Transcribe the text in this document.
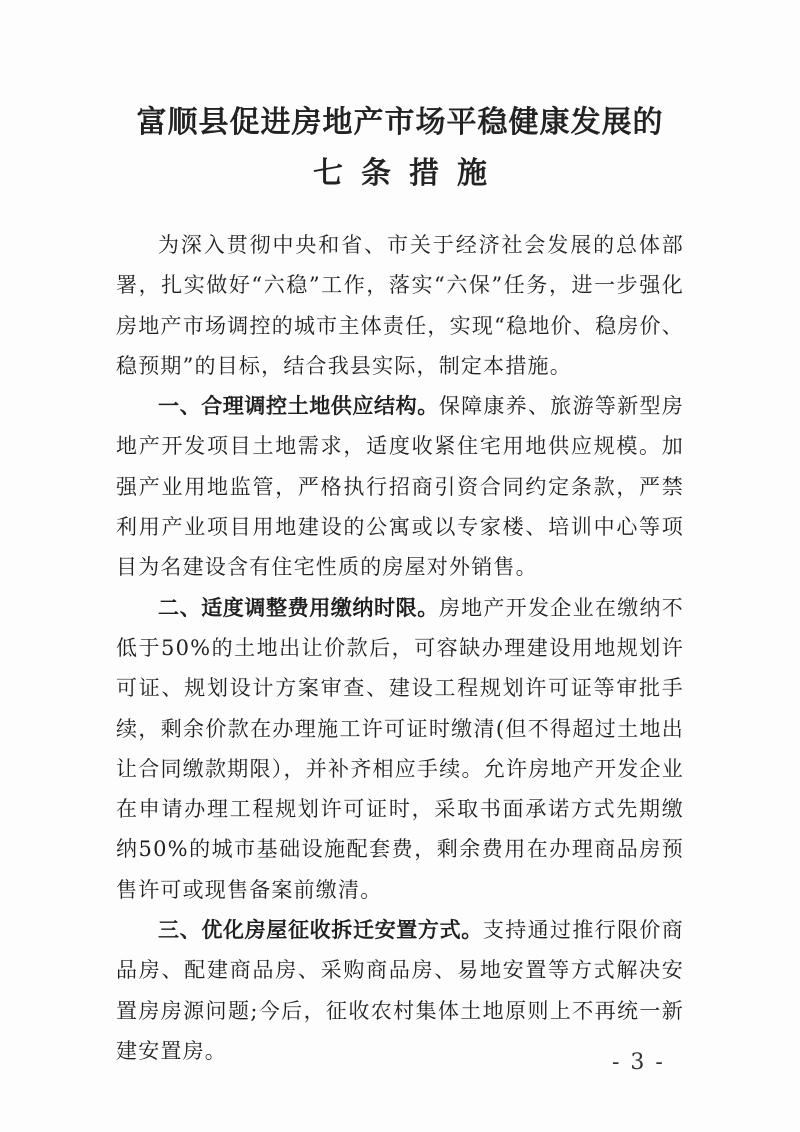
富顺县促进房地产市场平稳健康发展的
七条措施

为深入贯彻中央和省、市关于经济社会发展的总体部署，扎实做好“六稳”工作，落实“六保”任务，进一步强化房地产市场调控的城市主体责任，实现“稳地价、稳房价、稳预期”的目标，结合我县实际，制定本措施。

一、合理调控土地供应结构。保障康养、旅游等新型房地产开发项目土地需求，适度收紧住宅用地供应规模。加强产业用地监管，严格执行招商引资合同约定条款，严禁利用产业项目用地建设的公寓或以专家楼、培训中心等项目为名建设含有住宅性质的房屋对外销售。

二、适度调整费用缴纳时限。房地产开发企业在缴纳不低于50%的土地出让价款后，可容缺办理建设用地规划许可证、规划设计方案审查、建设工程规划许可证等审批手续，剩余价款在办理施工许可证时缴清(但不得超过土地出让合同缴款期限），并补齐相应手续。允许房地产开发企业在申请办理工程规划许可证时，采取书面承诺方式先期缴纳50%的城市基础设施配套费，剩余费用在办理商品房预售许可或现售备案前缴清。

三、优化房屋征收拆迁安置方式。支持通过推行限价商品房、配建商品房、采购商品房、易地安置等方式解决安置房房源问题;今后，征收农村集体土地原则上不再统一新建安置房。	- 3 -
